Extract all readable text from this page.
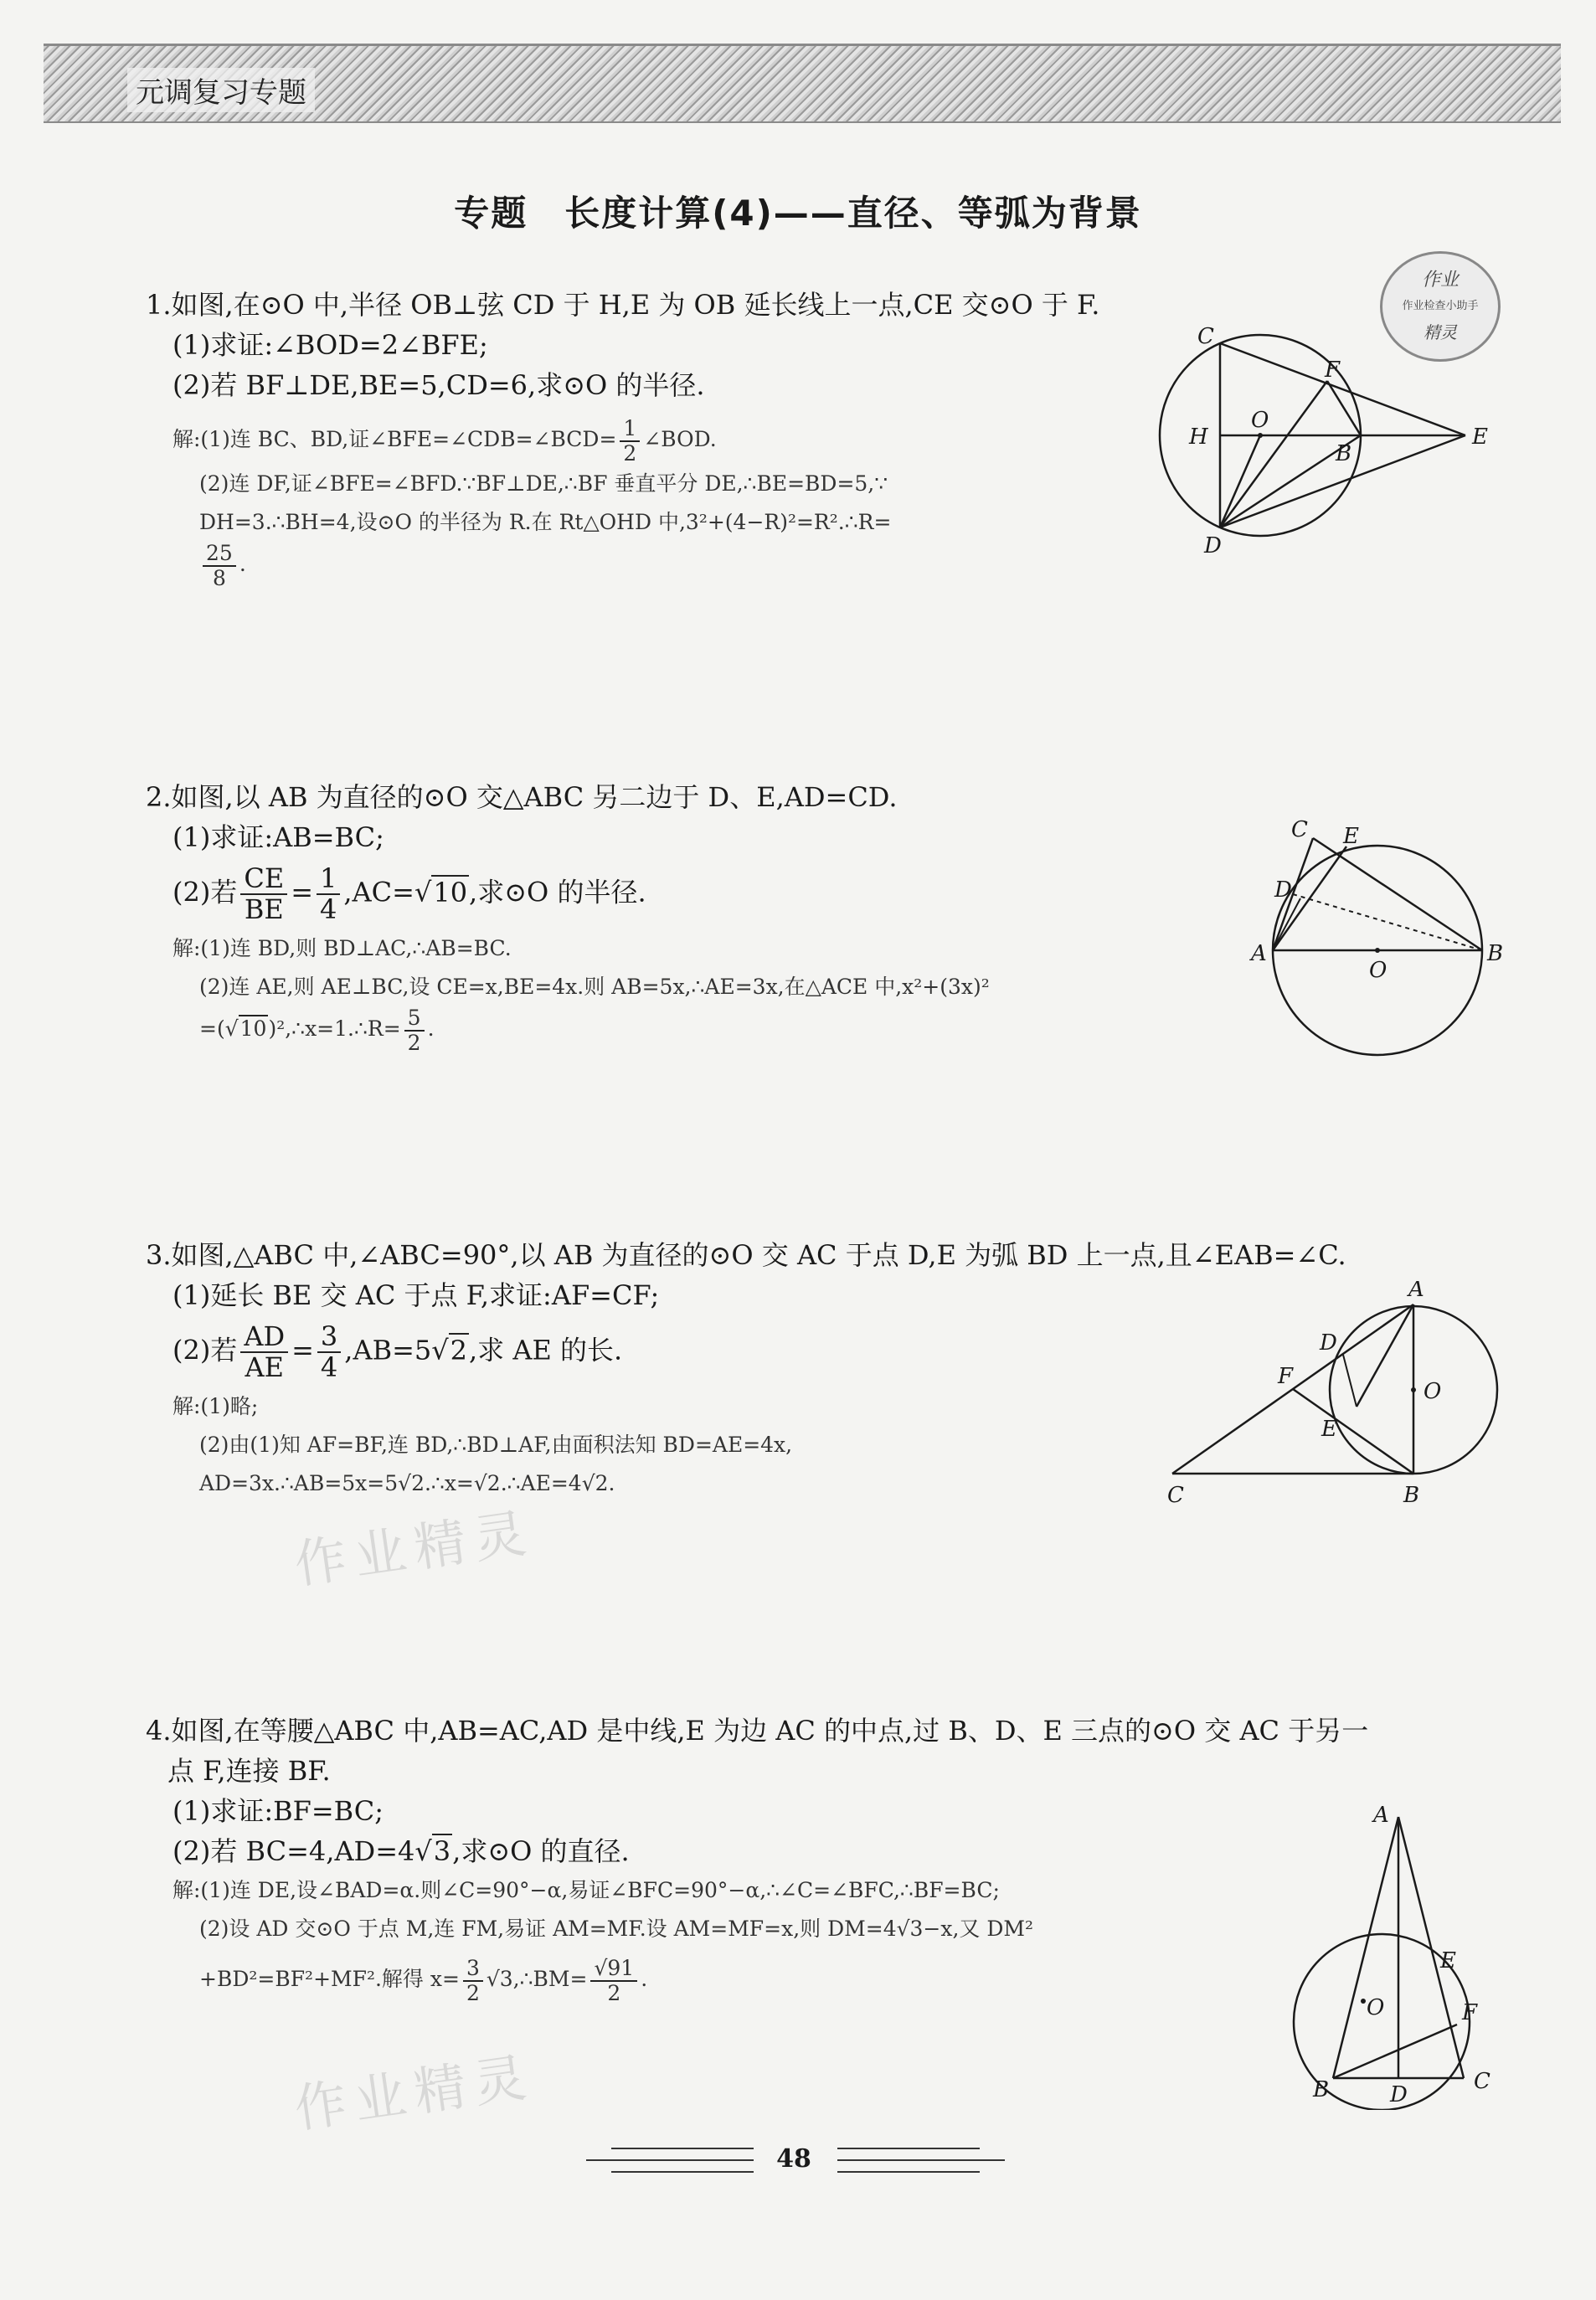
元调复习专题
专题　长度计算(4)——直径、等弧为背景
作业
作业检查小助手
精灵
1.如图,在⊙O 中,半径 OB⊥弦 CD 于 H,E 为 OB 延长线上一点,CE 交⊙O 于 F.
(1)求证:∠BOD=2∠BFE;
(2)若 BF⊥DE,BE=5,CD=6,求⊙O 的半径.
解:(1)连 BC、BD,证∠BFE=∠CDB=∠BCD= $\frac{1}{2}$ ∠BOD.
(2)连 DF,证∠BFE=∠BFD.∵BF⊥DE,∴BF 垂直平分 DE,∴BE=BD=5,∵
DH=3.∴BH=4,设⊙O 的半径为 R.在 Rt△OHD 中,3²+(4−R)²=R².∴R=
$\frac{25}{8}$ .
C
F
H
O
B
E
D
2.如图,以 AB 为直径的⊙O 交△ABC 另二边于 D、E,AD=CD.
(1)求证:AB=BC;
(2)若 $\frac{CE}{BE} = \frac{1}{4} ,AC=√10$,求⊙O 的半径.
解:(1)连 BD,则 BD⊥AC,∴AB=BC.
(2)连 AE,则 AE⊥BC,设 CE=x,BE=4x.则 AB=5x,∴AE=3x,在△ACE 中,x²+(3x)²
=(√10)²,∴x=1.∴R= $\frac{5}{2}$ .
C E
D
A
O
B
3.如图,△ABC 中,∠ABC=90°,以 AB 为直径的⊙O 交 AC 于点 D,E 为弧 BD 上一点,且∠EAB=∠C.
(1)延长 BE 交 AC 于点 F,求证:AF=CF;
(2)若 $\frac{AD}{AE} = \frac{3}{4} ,AB=5√2$,求 AE 的长.
解:(1)略;
(2)由(1)知 AF=BF,连 BD,∴BD⊥AF,由面积法知 BD=AE=4x,
AD=3x.∴AB=5x=5√2.∴x=√2.∴AE=4√2.
作业精灵
A
D
F
O
E
C	B
4.如图,在等腰△ABC 中,AB=AC,AD 是中线,E 为边 AC 的中点,过 B、D、E 三点的⊙O 交 AC 于另一
点 F,连接 BF.
(1)求证:BF=BC;
(2)若 BC=4,AD=4√3,求⊙O 的直径.
解:(1)连 DE,设∠BAD=α.则∠C=90°−α,易证∠BFC=90°−α,∴∠C=∠BFC,∴BF=BC;
(2)设 AD 交⊙O 于点 M,连 FM,易证 AM=MF.设 AM=MF=x,则 DM=4√3−x,又 DM²
+BD²=BF²+MF².解得 $x= \frac{3}{2}$ √3,∴BM= $\frac{√91}{2}$ .
作业精灵
A
E
O	F
B	D
C
48
